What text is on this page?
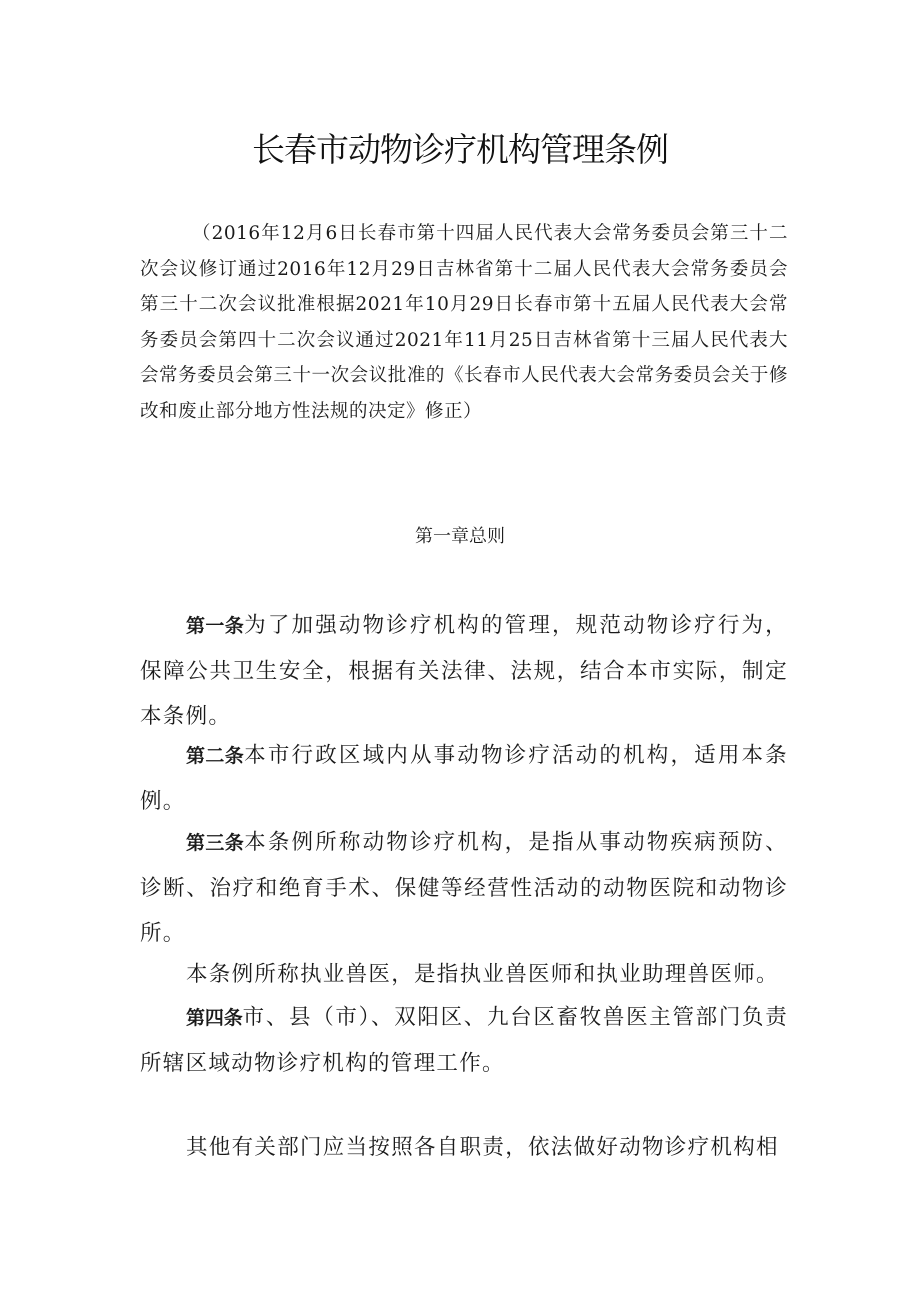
长春市动物诊疗机构管理条例

（2016年12月6日长春市第十四届人民代表大会常务委员会第三十二次会议修订通过2016年12月29日吉林省第十二届人民代表大会常务委员会第三十二次会议批准根据2021年10月29日长春市第十五届人民代表大会常务委员会第四十二次会议通过2021年11月25日吉林省第十三届人民代表大会常务委员会第三十一次会议批准的《长春市人民代表大会常务委员会关于修改和废止部分地方性法规的决定》修正）

第一章总则

第一条为了加强动物诊疗机构的管理，规范动物诊疗行为，保障公共卫生安全，根据有关法律、法规，结合本市实际，制定本条例。

第二条本市行政区域内从事动物诊疗活动的机构，适用本条例。

第三条本条例所称动物诊疗机构，是指从事动物疾病预防、诊断、治疗和绝育手术、保健等经营性活动的动物医院和动物诊所。

本条例所称执业兽医，是指执业兽医师和执业助理兽医师。

第四条市、县（市）、双阳区、九台区畜牧兽医主管部门负责所辖区域动物诊疗机构的管理工作。

其他有关部门应当按照各自职责，依法做好动物诊疗机构相
